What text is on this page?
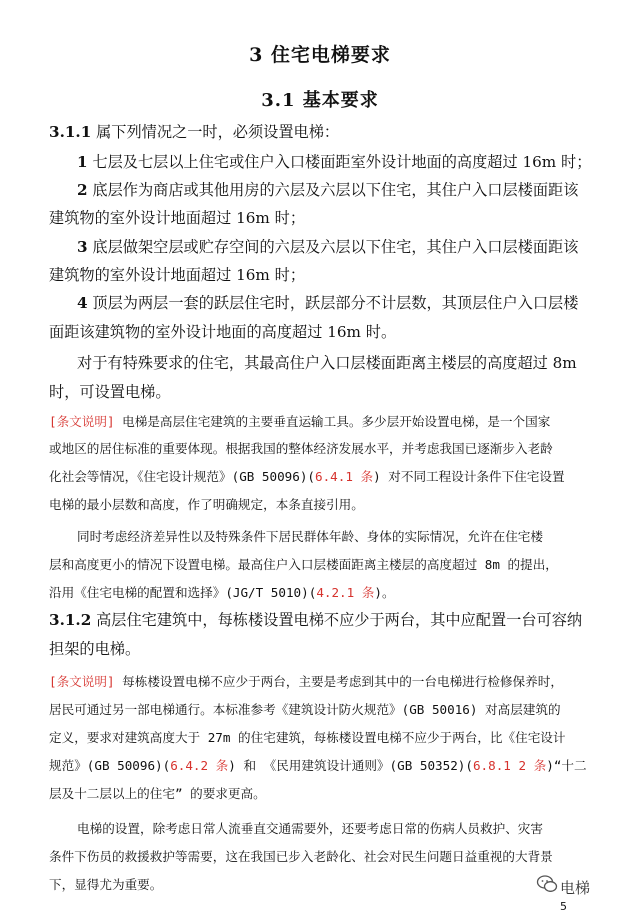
3 住宅电梯要求
3.1 基本要求
3.1.1 属下列情况之一时，必须设置电梯：
1 七层及七层以上住宅或住户入口楼面距室外设计地面的高度超过 16m 时；
2 底层作为商店或其他用房的六层及六层以下住宅，其住户入口层楼面距该
建筑物的室外设计地面超过 16m 时；
3 底层做架空层或贮存空间的六层及六层以下住宅，其住户入口层楼面距该
建筑物的室外设计地面超过 16m 时；
4 顶层为两层一套的跃层住宅时，跃层部分不计层数，其顶层住户入口层楼
面距该建筑物的室外设计地面的高度超过 16m 时。
对于有特殊要求的住宅，其最高住户入口层楼面距离主楼层的高度超过 8m
时，可设置电梯。
[条文说明] 电梯是高层住宅建筑的主要垂直运输工具。多少层开始设置电梯，是一个国家
或地区的居住标准的重要体现。根据我国的整体经济发展水平，并考虑我国已逐渐步入老龄
化社会等情况，《住宅设计规范》(GB 50096)(6.4.1 条) 对不同工程设计条件下住宅设置
电梯的最小层数和高度，作了明确规定，本条直接引用。
同时考虑经济差异性以及特殊条件下居民群体年龄、身体的实际情况，允许在住宅楼
层和高度更小的情况下设置电梯。最高住户入口层楼面距离主楼层的高度超过 8m 的提出，
沿用《住宅电梯的配置和选择》(JG/T 5010)(4.2.1 条)。
3.1.2 高层住宅建筑中，每栋楼设置电梯不应少于两台，其中应配置一台可容纳
担架的电梯。
[条文说明] 每栋楼设置电梯不应少于两台，主要是考虑到其中的一台电梯进行检修保养时，
居民可通过另一部电梯通行。本标准参考《建筑设计防火规范》(GB 50016) 对高层建筑的
定义，要求对建筑高度大于 27m 的住宅建筑，每栋楼设置电梯不应少于两台，比《住宅设计
规范》(GB 50096)(6.4.2 条) 和 《民用建筑设计通则》(GB 50352)(6.8.1 2 条)“十二
层及十二层以上的住宅” 的要求更高。
电梯的设置，除考虑日常人流垂直交通需要外，还要考虑日常的伤病人员救护、灾害
条件下伤员的救援救护等需要，这在我国已步入老龄化、社会对民生问题日益重视的大背景
下，显得尤为重要。	电梯
5
